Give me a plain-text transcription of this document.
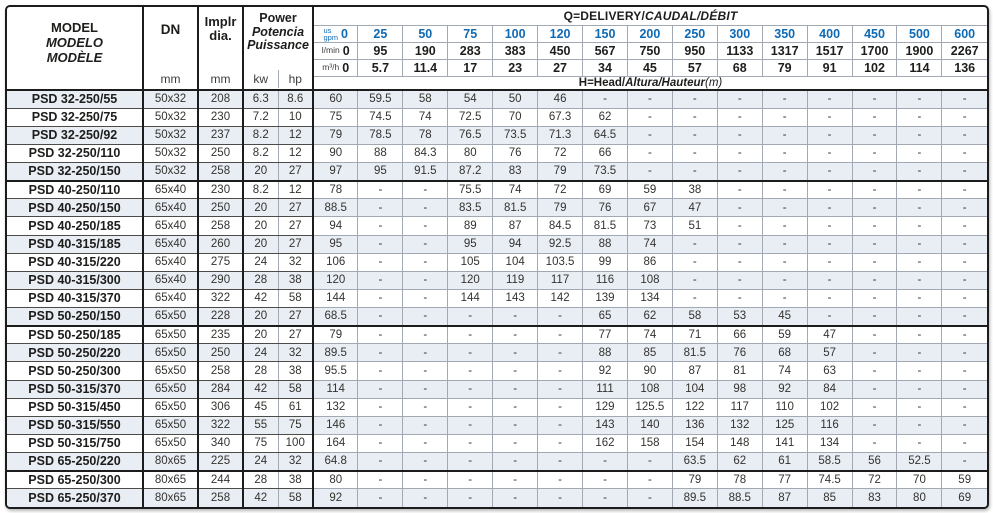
MODEL
MODELO
MODÈLE	DN
mm	Implr
dia.
mm	Power
Potencia
Puissance
kw hp		Q=DELIVERY/CAUDAL/DÉBIT														

					us
gpm 0	25	50	75	100	120	150	200	250	300	350	400	450	500	600

l/min 0	95	190	283	383	450	567	750	950	1133	1317	1517	1700	1900	2267

m³/h 0	5.7	11.4	17	23	27	34	45	57	68	79	91	102	114	136
					H=Head/Altura/Hauteur(m)														
PSD 32-250/55	50x32	208	6.3	8.6	60	59.5	58	54	50	46	-	-	-	-	-	-	-	-	-
PSD 32-250/75	50x32	230	7.2	10	75	74.5	74	72.5	70	67.3	62	-	-	-	-	-	-	-	-
PSD 32-250/92	50x32	237	8.2	12	79	78.5	78	76.5	73.5	71.3	64.5	-	-	-	-	-	-	-	-
PSD 32-250/110	50x32	250	8.2	12	90	88	84.3	80	76	72	66	-	-	-	-	-	-	-	-
PSD 32-250/150	50x32	258	20	27	97	95	91.5	87.2	83	79	73.5	-	-	-	-	-	-	-	-
PSD 40-250/110	65x40	230	8.2	12	78	-	-	75.5	74	72	69	59	38	-	-	-	-	-	-
PSD 40-250/150	65x40	250	20	27	88.5	-	-	83.5	81.5	79	76	67	47	-	-	-	-	-	-
PSD 40-250/185	65x40	258	20	27	94	-	-	89	87	84.5	81.5	73	51	-	-	-	-	-	-
PSD 40-315/185	65x40	260	20	27	95	-	-	95	94	92.5	88	74	-	-	-	-	-	-	-
PSD 40-315/220	65x40	275	24	32	106	-	-	105	104	103.5	99	86	-	-	-	-	-	-	-
PSD 40-315/300	65x40	290	28	38	120	-	-	120	119	117	116	108	-	-	-	-	-	-	-
PSD 40-315/370	65x40	322	42	58	144	-	-	144	143	142	139	134	-	-	-	-	-	-	-
PSD 50-250/150	65x50	228	20	27	68.5	-	-	-	-	-	65	62	58	53	45	-	-	-	-
PSD 50-250/185	65x50	235	20	27	79	-	-	-	-	-	77	74	71	66	59	47	-	-	-
PSD 50-250/220	65x50	250	24	32	89.5	-	-	-	-	-	88	85	81.5	76	68	57	-	-	-
PSD 50-250/300	65x50	258	28	38	95.5	-	-	-	-	-	92	90	87	81	74	63	-	-	-
PSD 50-315/370	65x50	284	42	58	114	-	-	-	-	-	111	108	104	98	92	84	-	-	-
PSD 50-315/450	65x50	306	45	61	132	-	-	-	-	-	129	125.5	122	117	110	102	-	-	-
PSD 50-315/550	65x50	322	55	75	146	-	-	-	-	-	143	140	136	132	125	116	-	-	-
PSD 50-315/750	65x50	340	75	100	164	-	-	-	-	-	162	158	154	148	141	134	-	-	-
PSD 65-250/220	80x65	225	24	32	64.8	-	-	-	-	-	-	-	63.5	62	61	58.5	56	52.5	-
PSD 65-250/300	80x65	244	28	38	80	-	-	-	-	-	-	-	79	78	77	74.5	72	70	59
PSD 65-250/370	80x65	258	42	58	92	-	-	-	-	-	-	-	89.5	88.5	87	85	83	80	69
